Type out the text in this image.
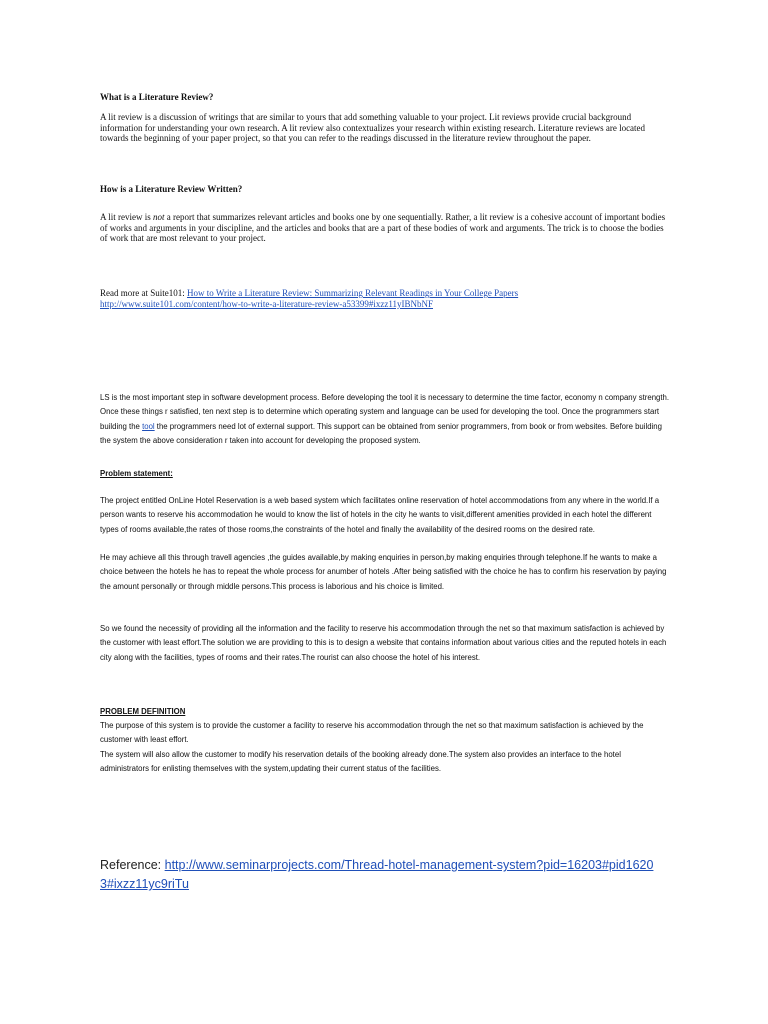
What is a Literature Review?

A lit review is a discussion of writings that are similar to yours that add something valuable to your project. Lit reviews provide crucial background information for understanding your own research. A lit review also contextualizes your research within existing research. Literature reviews are located towards the beginning of your paper project, so that you can refer to the readings discussed in the literature review throughout the paper.

How is a Literature Review Written?

A lit review is not a report that summarizes relevant articles and books one by one sequentially. Rather, a lit review is a cohesive account of important bodies of works and arguments in your discipline, and the articles and books that are a part of these bodies of work and arguments. The trick is to choose the bodies of work that are most relevant to your project.

Read more at Suite101: How to Write a Literature Review: Summarizing Relevant Readings in Your College Papers
http://www.suite101.com/content/how-to-write-a-literature-review-a53399#ixzz11yIBNbNF

LS is the most important step in software development process. Before developing the tool it is necessary to determine the time factor, economy n company strength. Once these things r satisfied, ten next step is to determine which operating system and language can be used for developing the tool. Once the programmers start building the tool the programmers need lot of external support. This support can be obtained from senior programmers, from book or from websites. Before building the system the above consideration r taken into account for developing the proposed system.

Problem statement:

The project entitled OnLine Hotel Reservation is a web based system which facilitates online reservation of hotel accommodations from any where in the world.If a person wants to reserve his accommodation he would to know the list of hotels in the city he wants to visit,different amenities provided in each hotel the different types of rooms available,the rates of those rooms,the constraints of the hotel and finally the availability of the desired rooms on the desired rate.

He may achieve all this through travell agencies ,the guides available,by making enquiries in person,by making enquiries through telephone.If he wants to make a choice between the hotels he has to repeat the whole process for anumber of hotels .After being satisfied with the choice he has to confirm his reservation by paying the amount personally or through middle persons.This process is laborious and his choice is limited.

So we found the necessity of providing all the information and the facility to reserve his accommodation through the net so that maximum satisfaction is achieved by the customer with least effort.The solution we are providing to this is to design a website that contains information about various cities and the reputed hotels in each city along with the facilities, types of rooms and their rates.The rourist can also choose the hotel of his interest.

PROBLEM DEFINITION

The purpose of this system is to provide the customer a facility to reserve his accommodation through the net so that maximum satisfaction is achieved by the customer with least effort.

The system will also allow the customer to modify his reservation details of the booking already done.The system also provides an interface to the hotel administrators for enlisting themselves with the system,updating their current status of the facilities.

Reference: http://www.seminarprojects.com/Thread-hotel-management-system?pid=16203#pid16203#ixzz11yc9riTu
